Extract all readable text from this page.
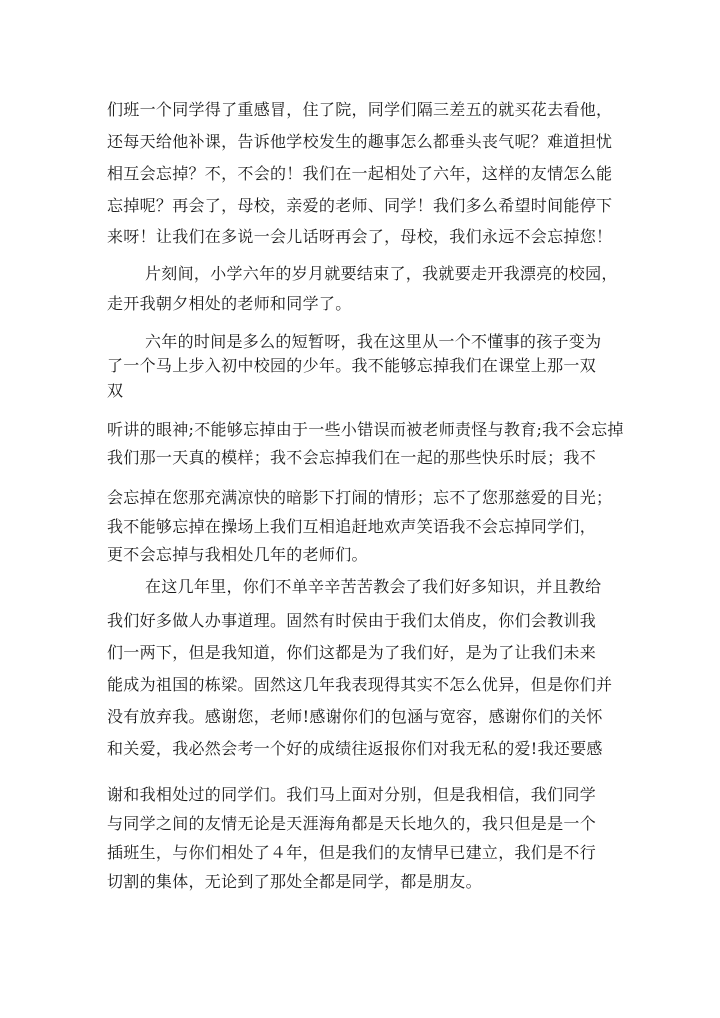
们班一个同学得了重感冒，住了院，同学们隔三差五的就买花去看他，
还每天给他补课，告诉他学校发生的趣事怎么都垂头丧气呢？难道担忧
相互会忘掉？不，不会的！我们在一起相处了六年，这样的友情怎么能
忘掉呢？再会了，母校，亲爱的老师、同学！我们多么希望时间能停下
来呀！让我们在多说一会儿话呀再会了，母校，我们永远不会忘掉您！
片刻间，小学六年的岁月就要结束了，我就要走开我漂亮的校园，
走开我朝夕相处的老师和同学了。
六年的时间是多么的短暂呀，我在这里从一个不懂事的孩子变为
了一个马上步入初中校园的少年。我不能够忘掉我们在课堂上那一双
双
听讲的眼神;不能够忘掉由于一些小错误而被老师责怪与教育;我不会忘掉
我们那一天真的模样；我不会忘掉我们在一起的那些快乐时辰；我不
会忘掉在您那充满凉快的暗影下打闹的情形；忘不了您那慈爱的目光；
我不能够忘掉在操场上我们互相追赶地欢声笑语我不会忘掉同学们，
更不会忘掉与我相处几年的老师们。
在这几年里，你们不单辛辛苦苦教会了我们好多知识，并且教给
我们好多做人办事道理。固然有时侯由于我们太俏皮，你们会教训我
们一两下，但是我知道，你们这都是为了我们好，是为了让我们未来
能成为祖国的栋梁。固然这几年我表现得其实不怎么优异，但是你们并
没有放弃我。感谢您，老师!感谢你们的包涵与宽容，感谢你们的关怀
和关爱，我必然会考一个好的成绩往返报你们对我无私的爱!我还要感
谢和我相处过的同学们。我们马上面对分别，但是我相信，我们同学
与同学之间的友情无论是天涯海角都是天长地久的，我只但是是一个
插班生，与你们相处了４年，但是我们的友情早已建立，我们是不行
切割的集体，无论到了那处全都是同学，都是朋友。
